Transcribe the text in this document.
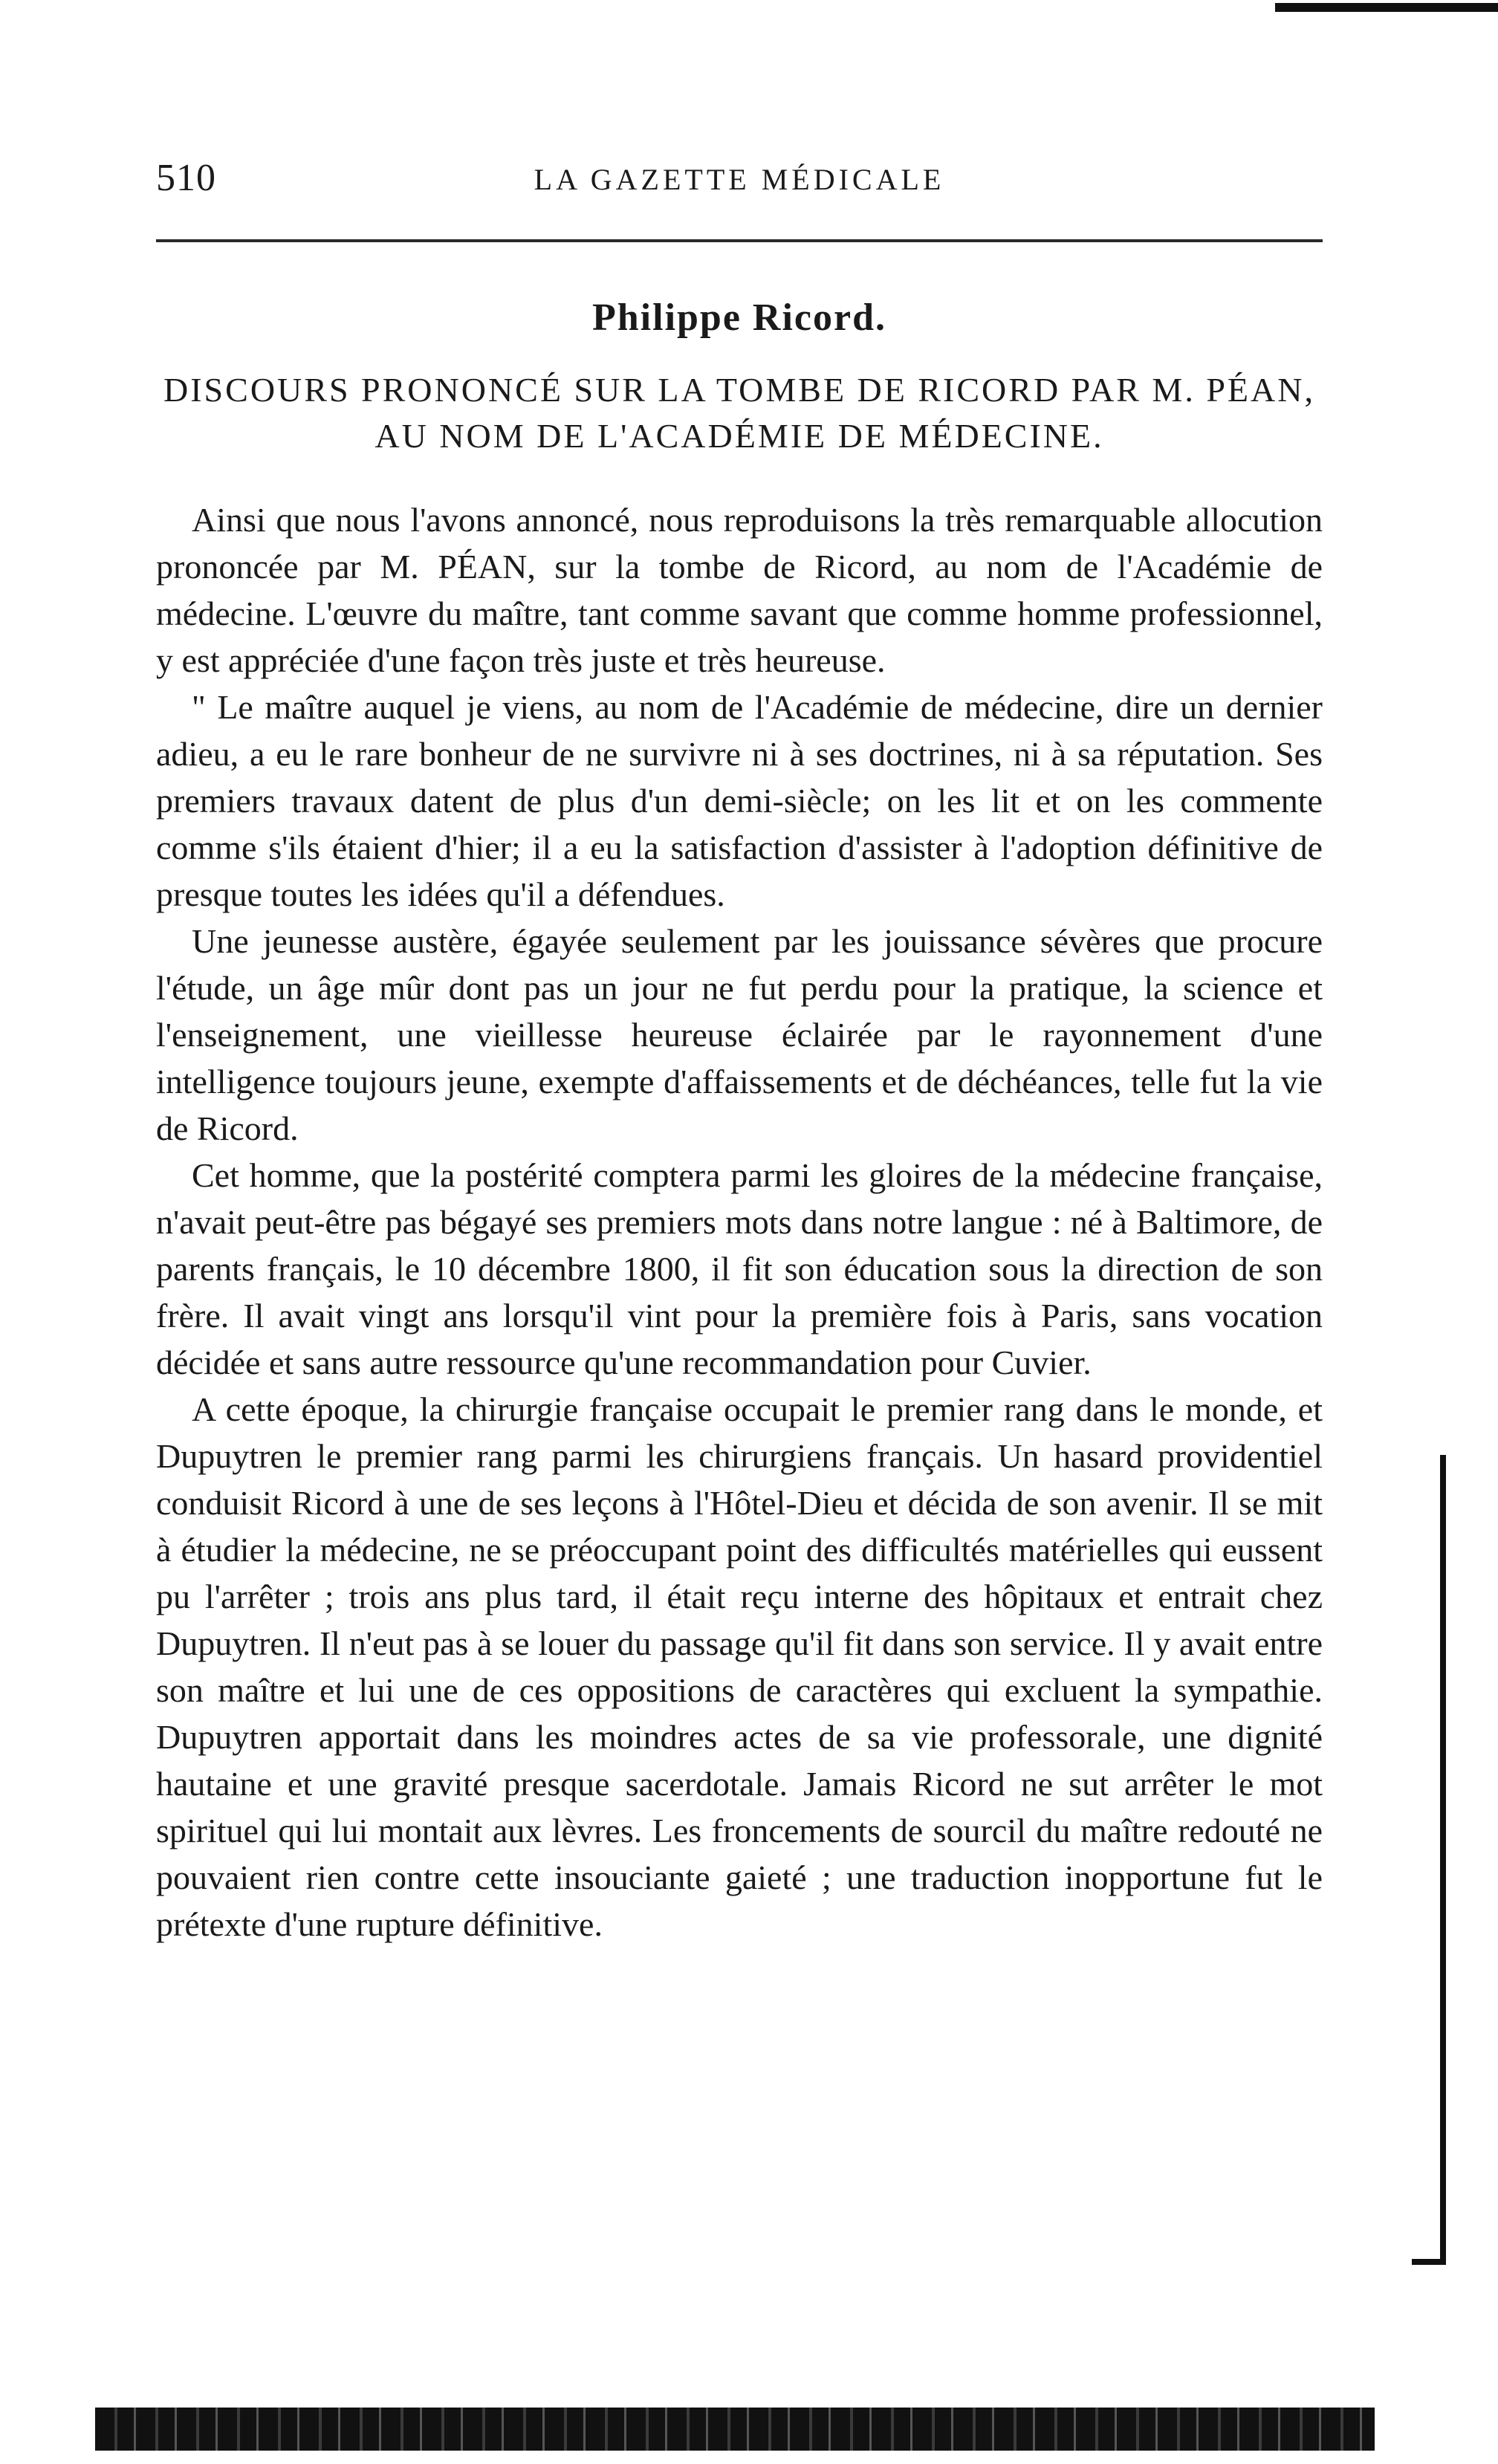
510	LA GAZETTE MÉDICALE
Philippe Ricord.
DISCOURS PRONONCÉ SUR LA TOMBE DE RICORD PAR M. PÉAN, AU NOM DE L'ACADÉMIE DE MÉDECINE.

Ainsi que nous l'avons annoncé, nous reproduisons la très remarquable allocution prononcée par M. PÉAN, sur la tombe de Ricord, au nom de l'Académie de médecine. L'œuvre du maître, tant comme savant que comme homme professionnel, y est appréciée d'une façon très juste et très heureuse.

" Le maître auquel je viens, au nom de l'Académie de médecine, dire un dernier adieu, a eu le rare bonheur de ne survivre ni à ses doctrines, ni à sa réputation. Ses premiers travaux datent de plus d'un demi-siècle; on les lit et on les commente comme s'ils étaient d'hier; il a eu la satisfaction d'assister à l'adoption définitive de presque toutes les idées qu'il a défendues.

Une jeunesse austère, égayée seulement par les jouissance sévères que procure l'étude, un âge mûr dont pas un jour ne fut perdu pour la pratique, la science et l'enseignement, une vieillesse heureuse éclairée par le rayonnement d'une intelligence toujours jeune, exempte d'affaissements et de déchéances, telle fut la vie de Ricord.

Cet homme, que la postérité comptera parmi les gloires de la médecine française, n'avait peut-être pas bégayé ses premiers mots dans notre langue : né à Baltimore, de parents français, le 10 décembre 1800, il fit son éducation sous la direction de son frère. Il avait vingt ans lorsqu'il vint pour la première fois à Paris, sans vocation décidée et sans autre ressource qu'une recommandation pour Cuvier.

A cette époque, la chirurgie française occupait le premier rang dans le monde, et Dupuytren le premier rang parmi les chirurgiens français. Un hasard providentiel conduisit Ricord à une de ses leçons à l'Hôtel-Dieu et décida de son avenir. Il se mit à étudier la médecine, ne se préoccupant point des difficultés matérielles qui eussent pu l'arrêter ; trois ans plus tard, il était reçu interne des hôpitaux et entrait chez Dupuytren. Il n'eut pas à se louer du passage qu'il fit dans son service. Il y avait entre son maître et lui une de ces oppositions de caractères qui excluent la sympathie. Dupuytren apportait dans les moindres actes de sa vie professorale, une dignité hautaine et une gravité presque sacerdotale. Jamais Ricord ne sut arrêter le mot spirituel qui lui montait aux lèvres. Les froncements de sourcil du maître redouté ne pouvaient rien contre cette insouciante gaieté ; une traduction inopportune fut le prétexte d'une rupture définitive.
